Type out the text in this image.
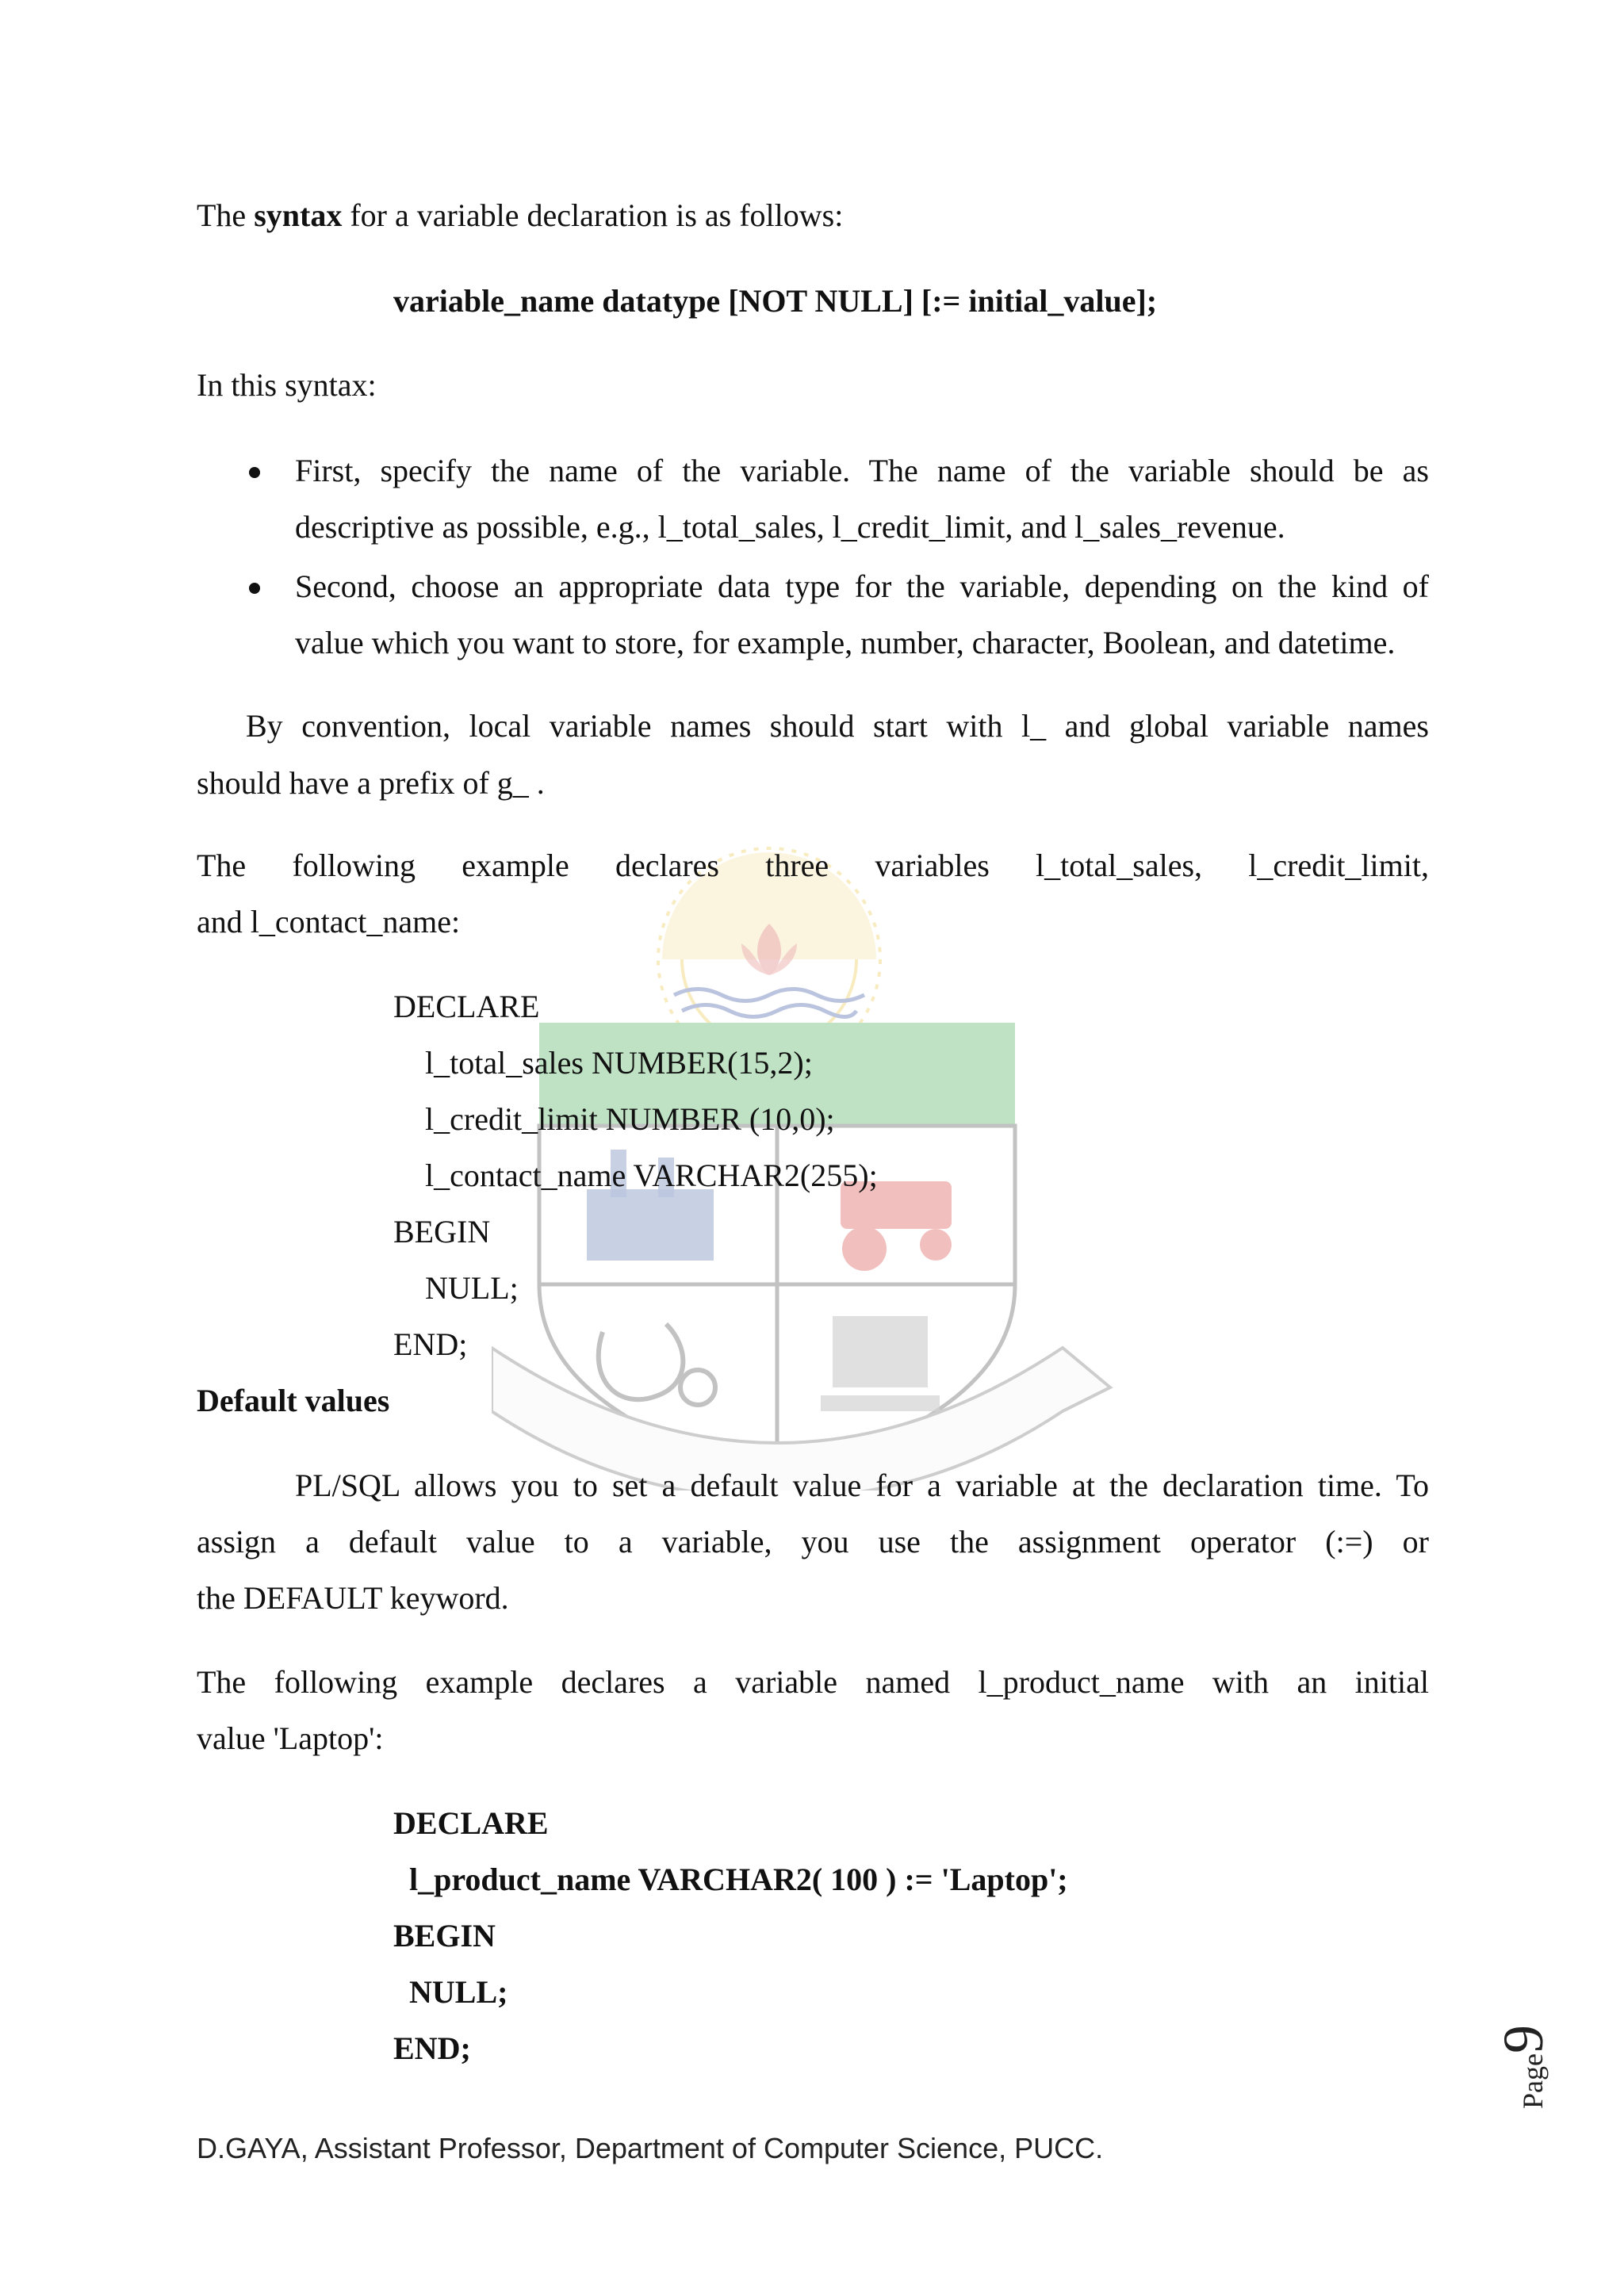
The syntax for a variable declaration is as follows:
variable_name datatype [NOT NULL] [:= initial_value];
In this syntax:
First, specify the name of the variable. The name of the variable should be as
descriptive as possible, e.g., l_total_sales, l_credit_limit, and l_sales_revenue.
Second, choose an appropriate data type for the variable, depending on the kind of
value which you want to store, for example, number, character, Boolean, and datetime.
By convention, local variable names should start with l_ and global variable names
should have a prefix of g_ .
The following example declares three variables l_total_sales, l_credit_limit,
and l_contact_name:
DECLARE
l_total_sales NUMBER(15,2);
l_credit_limit NUMBER (10,0);
l_contact_name VARCHAR2(255);
BEGIN
NULL;
END;
Default values
PL/SQL allows you to set a default value for a variable at the declaration time. To
assign a default value to a variable, you use the assignment operator (:=) or
the DEFAULT keyword.
The following example declares a variable named l_product_name with an initial
value 'Laptop':
DECLARE
l_product_name VARCHAR2( 100 ) := 'Laptop';
BEGIN
NULL;
END;
Page9
D.GAYA, Assistant Professor, Department of Computer Science, PUCC.
